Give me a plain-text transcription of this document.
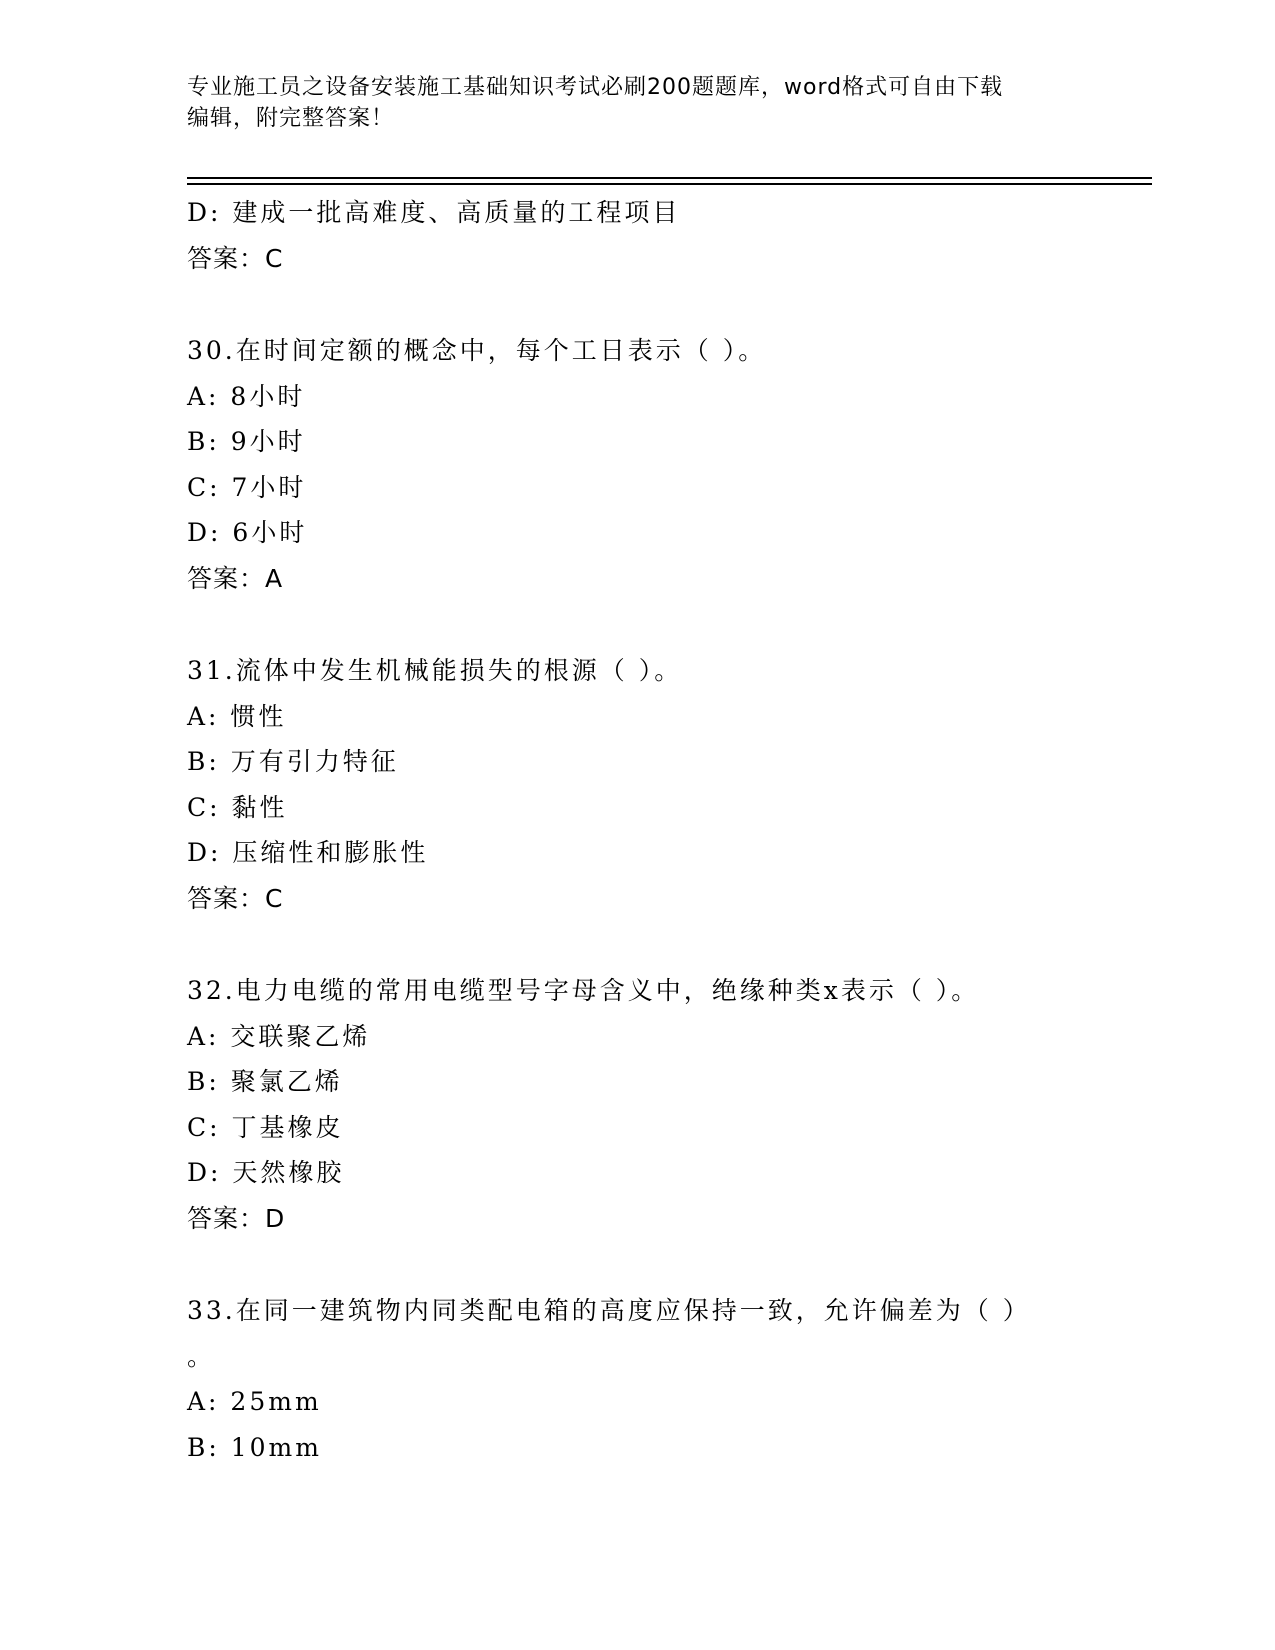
专业施工员之设备安装施工基础知识考试必刷200题题库，word格式可自由下载
编辑，附完整答案！
D: 建成一批高难度、高质量的工程项目
答案：C
30.在时间定额的概念中，每个工日表示（ ）。
A: 8小时
B: 9小时
C: 7小时
D: 6小时
答案：A
31.流体中发生机械能损失的根源（ ）。
A: 惯性
B: 万有引力特征
C: 黏性
D: 压缩性和膨胀性
答案：C
32.电力电缆的常用电缆型号字母含义中，绝缘种类x表示（ ）。
A: 交联聚乙烯
B: 聚氯乙烯
C: 丁基橡皮
D: 天然橡胶
答案：D
33.在同一建筑物内同类配电箱的高度应保持一致，允许偏差为（ ）
。
A: 25mm
B: 10mm
